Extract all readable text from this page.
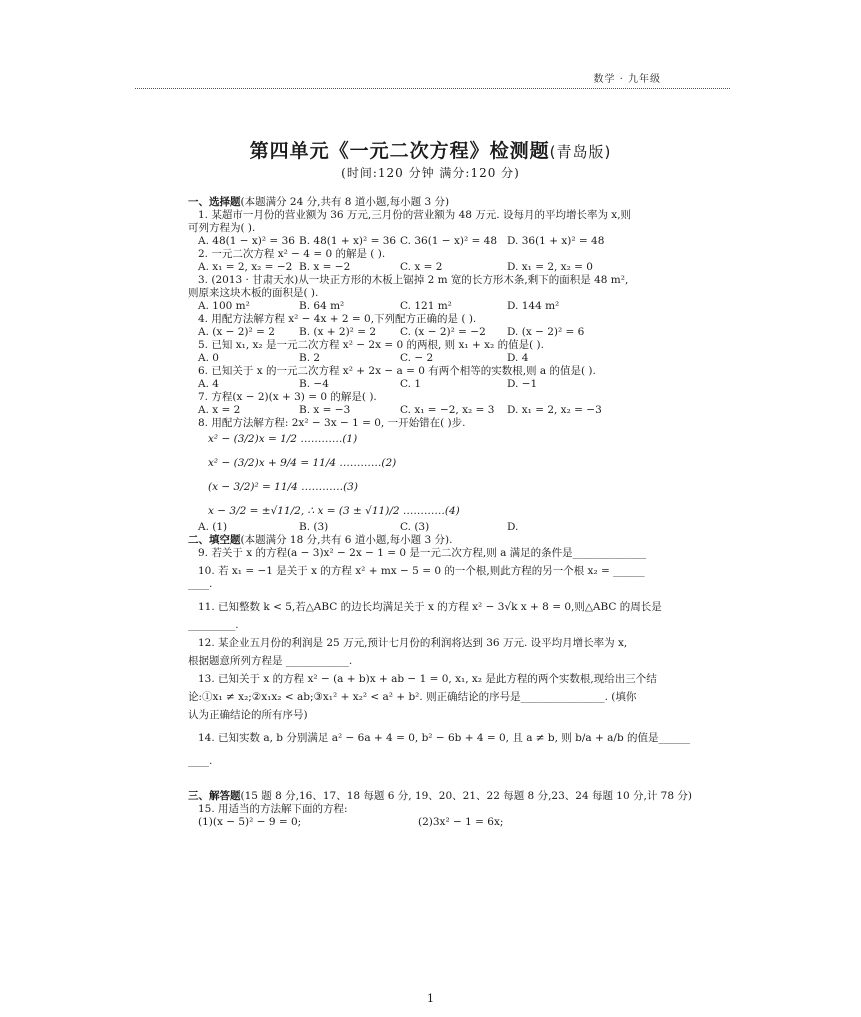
数学 · 九年级
第四单元《一元二次方程》检测题(青岛版)
(时间:120 分钟 满分:120 分)
一、选择题(本题满分 24 分,共有 8 道小题,每小题 3 分)
1. 某超市一月份的营业额为 36 万元,三月份的营业额为 48 万元. 设每月的平均增长率为 x,则
可列方程为( ).
A. 48(1 − x)² = 36 B. 48(1 + x)² = 36 C. 36(1 − x)² = 48 D. 36(1 + x)² = 48
2. 一元二次方程 x² − 4 = 0 的解是 ( ).
A. x₁ = 2, x₂ = −2 B. x = −2	C. x = 2	D. x₁ = 2, x₂ = 0
3. (2013 · 甘肃天水)从一块正方形的木板上锯掉 2 m 宽的长方形木条,剩下的面积是 48 m²,
则原来这块木板的面积是( ).
A. 100 m²	B. 64 m²	C. 121 m²	D. 144 m²
4. 用配方法解方程 x² − 4x + 2 = 0,下列配方正确的是 ( ).
A. (x − 2)² = 2	B. (x + 2)² = 2	C. (x − 2)² = −2	D. (x − 2)² = 6
5. 已知 x₁, x₂ 是一元二次方程 x² − 2x = 0 的两根, 则 x₁ + x₂ 的值是( ).
A. 0	B. 2	C. − 2	D. 4
6. 已知关于 x 的一元二次方程 x² + 2x − a = 0 有两个相等的实数根,则 a 的值是( ).
A. 4	B. −4	C. 1	D. −1
7. 方程(x − 2)(x + 3) = 0 的解是( ).
A. x = 2	B. x = −3	C. x₁ = −2, x₂ = 3	D. x₁ = 2, x₂ = −3
8. 用配方法解方程: 2x² − 3x − 1 = 0, 一开始错在( )步.
x² − (3/2)x = 1/2 …………(1)
x² − (3/2)x + 9/4 = 11/4 …………(2)
(x − 3/2)² = 11/4 …………(3)
x − 3/2 = ±√11/2, ∴ x = (3 ± √11)/2 …………(4)
A. (1)	B. (3)	C. (3)	D.
二、填空题(本题满分 18 分,共有 6 道小题,每小题 3 分).
9. 若关于 x 的方程(a − 3)x² − 2x − 1 = 0 是一元二次方程,则 a 满足的条件是______________
10. 若 x₁ = −1 是关于 x 的方程 x² + mx − 5 = 0 的一个根,则此方程的另一个根 x₂ = ______
____.
11. 已知整数 k < 5,若△ABC 的边长均满足关于 x 的方程 x² − 3√k x + 8 = 0,则△ABC 的周长是
_________.
12. 某企业五月份的利润是 25 万元,预计七月份的利润将达到 36 万元. 设平均月增长率为 x,
根据题意所列方程是 ____________.
13. 已知关于 x 的方程 x² − (a + b)x + ab − 1 = 0, x₁, x₂ 是此方程的两个实数根,现给出三个结
论:①x₁ ≠ x₂;②x₁x₂ < ab;③x₁² + x₂² < a² + b². 则正确结论的序号是________________. (填你
认为正确结论的所有序号)
14. 已知实数 a, b 分别满足 a² − 6a + 4 = 0, b² − 6b + 4 = 0, 且 a ≠ b, 则 b/a + a/b 的值是______
____.
三、解答题(15 题 8 分,16、17、18 每题 6 分, 19、20、21、22 每题 8 分,23、24 每题 10 分,计 78 分)
15. 用适当的方法解下面的方程:
(1)(x − 5)² − 9 = 0;	(2)3x² − 1 = 6x;
1
